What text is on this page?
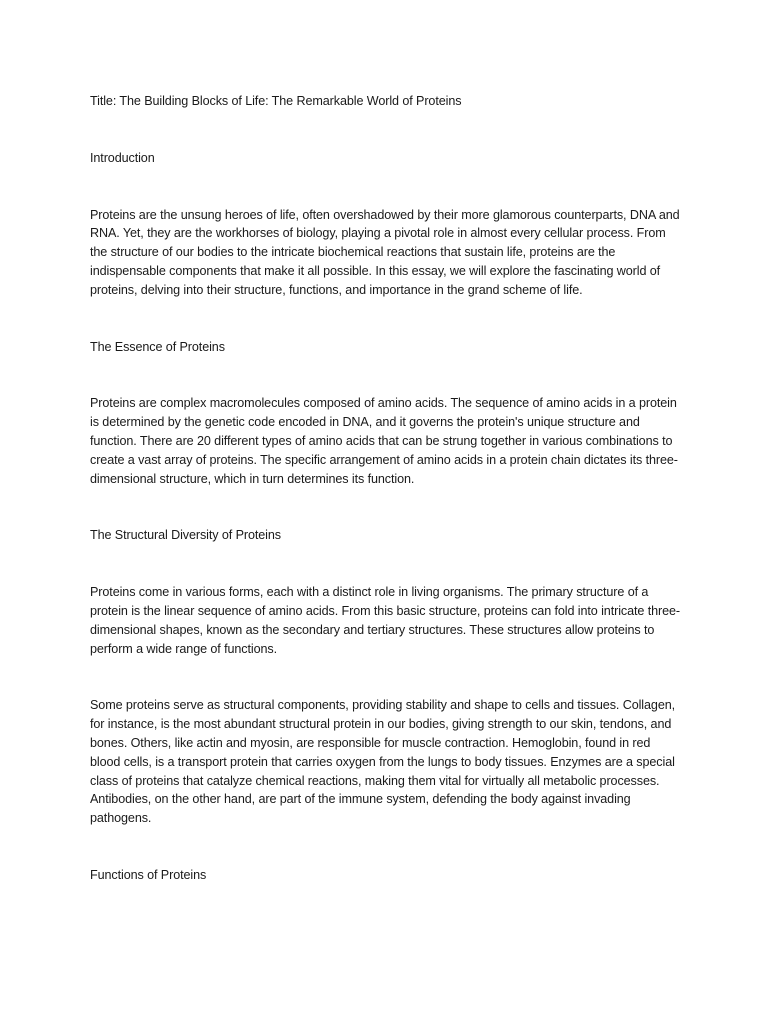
Title: The Building Blocks of Life: The Remarkable World of Proteins
Introduction

Proteins are the unsung heroes of life, often overshadowed by their more glamorous counterparts, DNA and RNA. Yet, they are the workhorses of biology, playing a pivotal role in almost every cellular process. From the structure of our bodies to the intricate biochemical reactions that sustain life, proteins are the indispensable components that make it all possible. In this essay, we will explore the fascinating world of proteins, delving into their structure, functions, and importance in the grand scheme of life.

The Essence of Proteins

Proteins are complex macromolecules composed of amino acids. The sequence of amino acids in a protein is determined by the genetic code encoded in DNA, and it governs the protein's unique structure and function. There are 20 different types of amino acids that can be strung together in various combinations to create a vast array of proteins. The specific arrangement of amino acids in a protein chain dictates its three-dimensional structure, which in turn determines its function.

The Structural Diversity of Proteins

Proteins come in various forms, each with a distinct role in living organisms. The primary structure of a protein is the linear sequence of amino acids. From this basic structure, proteins can fold into intricate three-dimensional shapes, known as the secondary and tertiary structures. These structures allow proteins to perform a wide range of functions.

Some proteins serve as structural components, providing stability and shape to cells and tissues. Collagen, for instance, is the most abundant structural protein in our bodies, giving strength to our skin, tendons, and bones. Others, like actin and myosin, are responsible for muscle contraction. Hemoglobin, found in red blood cells, is a transport protein that carries oxygen from the lungs to body tissues. Enzymes are a special class of proteins that catalyze chemical reactions, making them vital for virtually all metabolic processes. Antibodies, on the other hand, are part of the immune system, defending the body against invading pathogens.

Functions of Proteins
